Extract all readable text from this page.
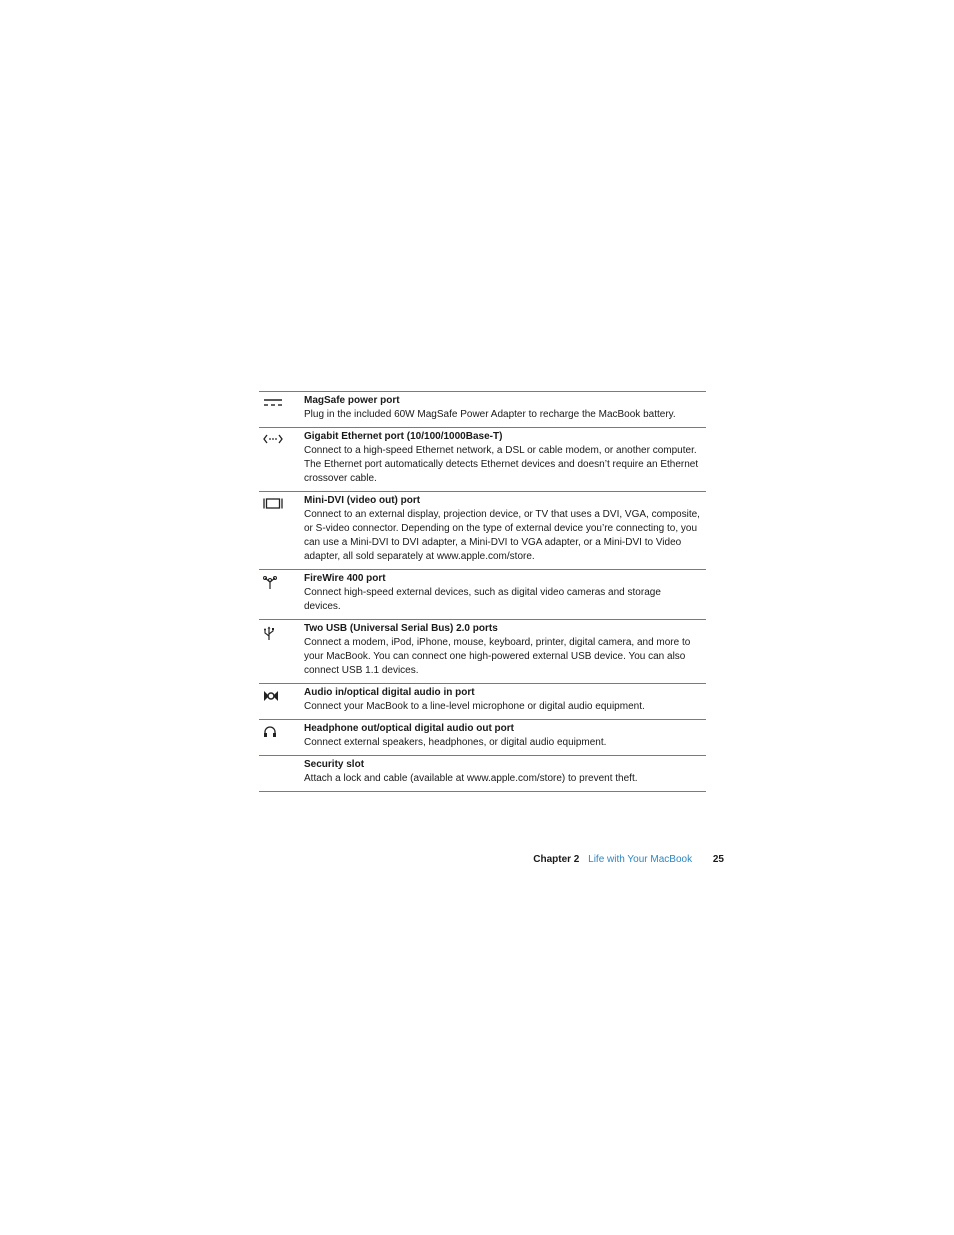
MagSafe power port
Plug in the included 60W MagSafe Power Adapter to recharge the MacBook battery.
Gigabit Ethernet port (10/100/1000Base-T)
Connect to a high-speed Ethernet network, a DSL or cable modem, or another computer. The Ethernet port automatically detects Ethernet devices and doesn’t require an Ethernet crossover cable.
Mini-DVI (video out) port
Connect to an external display, projection device, or TV that uses a DVI, VGA, composite, or S-video connector. Depending on the type of external device you’re connecting to, you can use a Mini-DVI to DVI adapter, a Mini-DVI to VGA adapter, or a Mini-DVI to Video adapter, all sold separately at www.apple.com/store.
FireWire 400 port
Connect high-speed external devices, such as digital video cameras and storage devices.
Two USB (Universal Serial Bus) 2.0 ports
Connect a modem, iPod, iPhone, mouse, keyboard, printer, digital camera, and more to your MacBook. You can connect one high-powered external USB device. You can also connect USB 1.1 devices.
Audio in/optical digital audio in port
Connect your MacBook to a line-level microphone or digital audio equipment.
Headphone out/optical digital audio out port
Connect external speakers, headphones, or digital audio equipment.
Security slot
Attach a lock and cable (available at www.apple.com/store) to prevent theft.
Chapter 2 Life with Your MacBook 25
